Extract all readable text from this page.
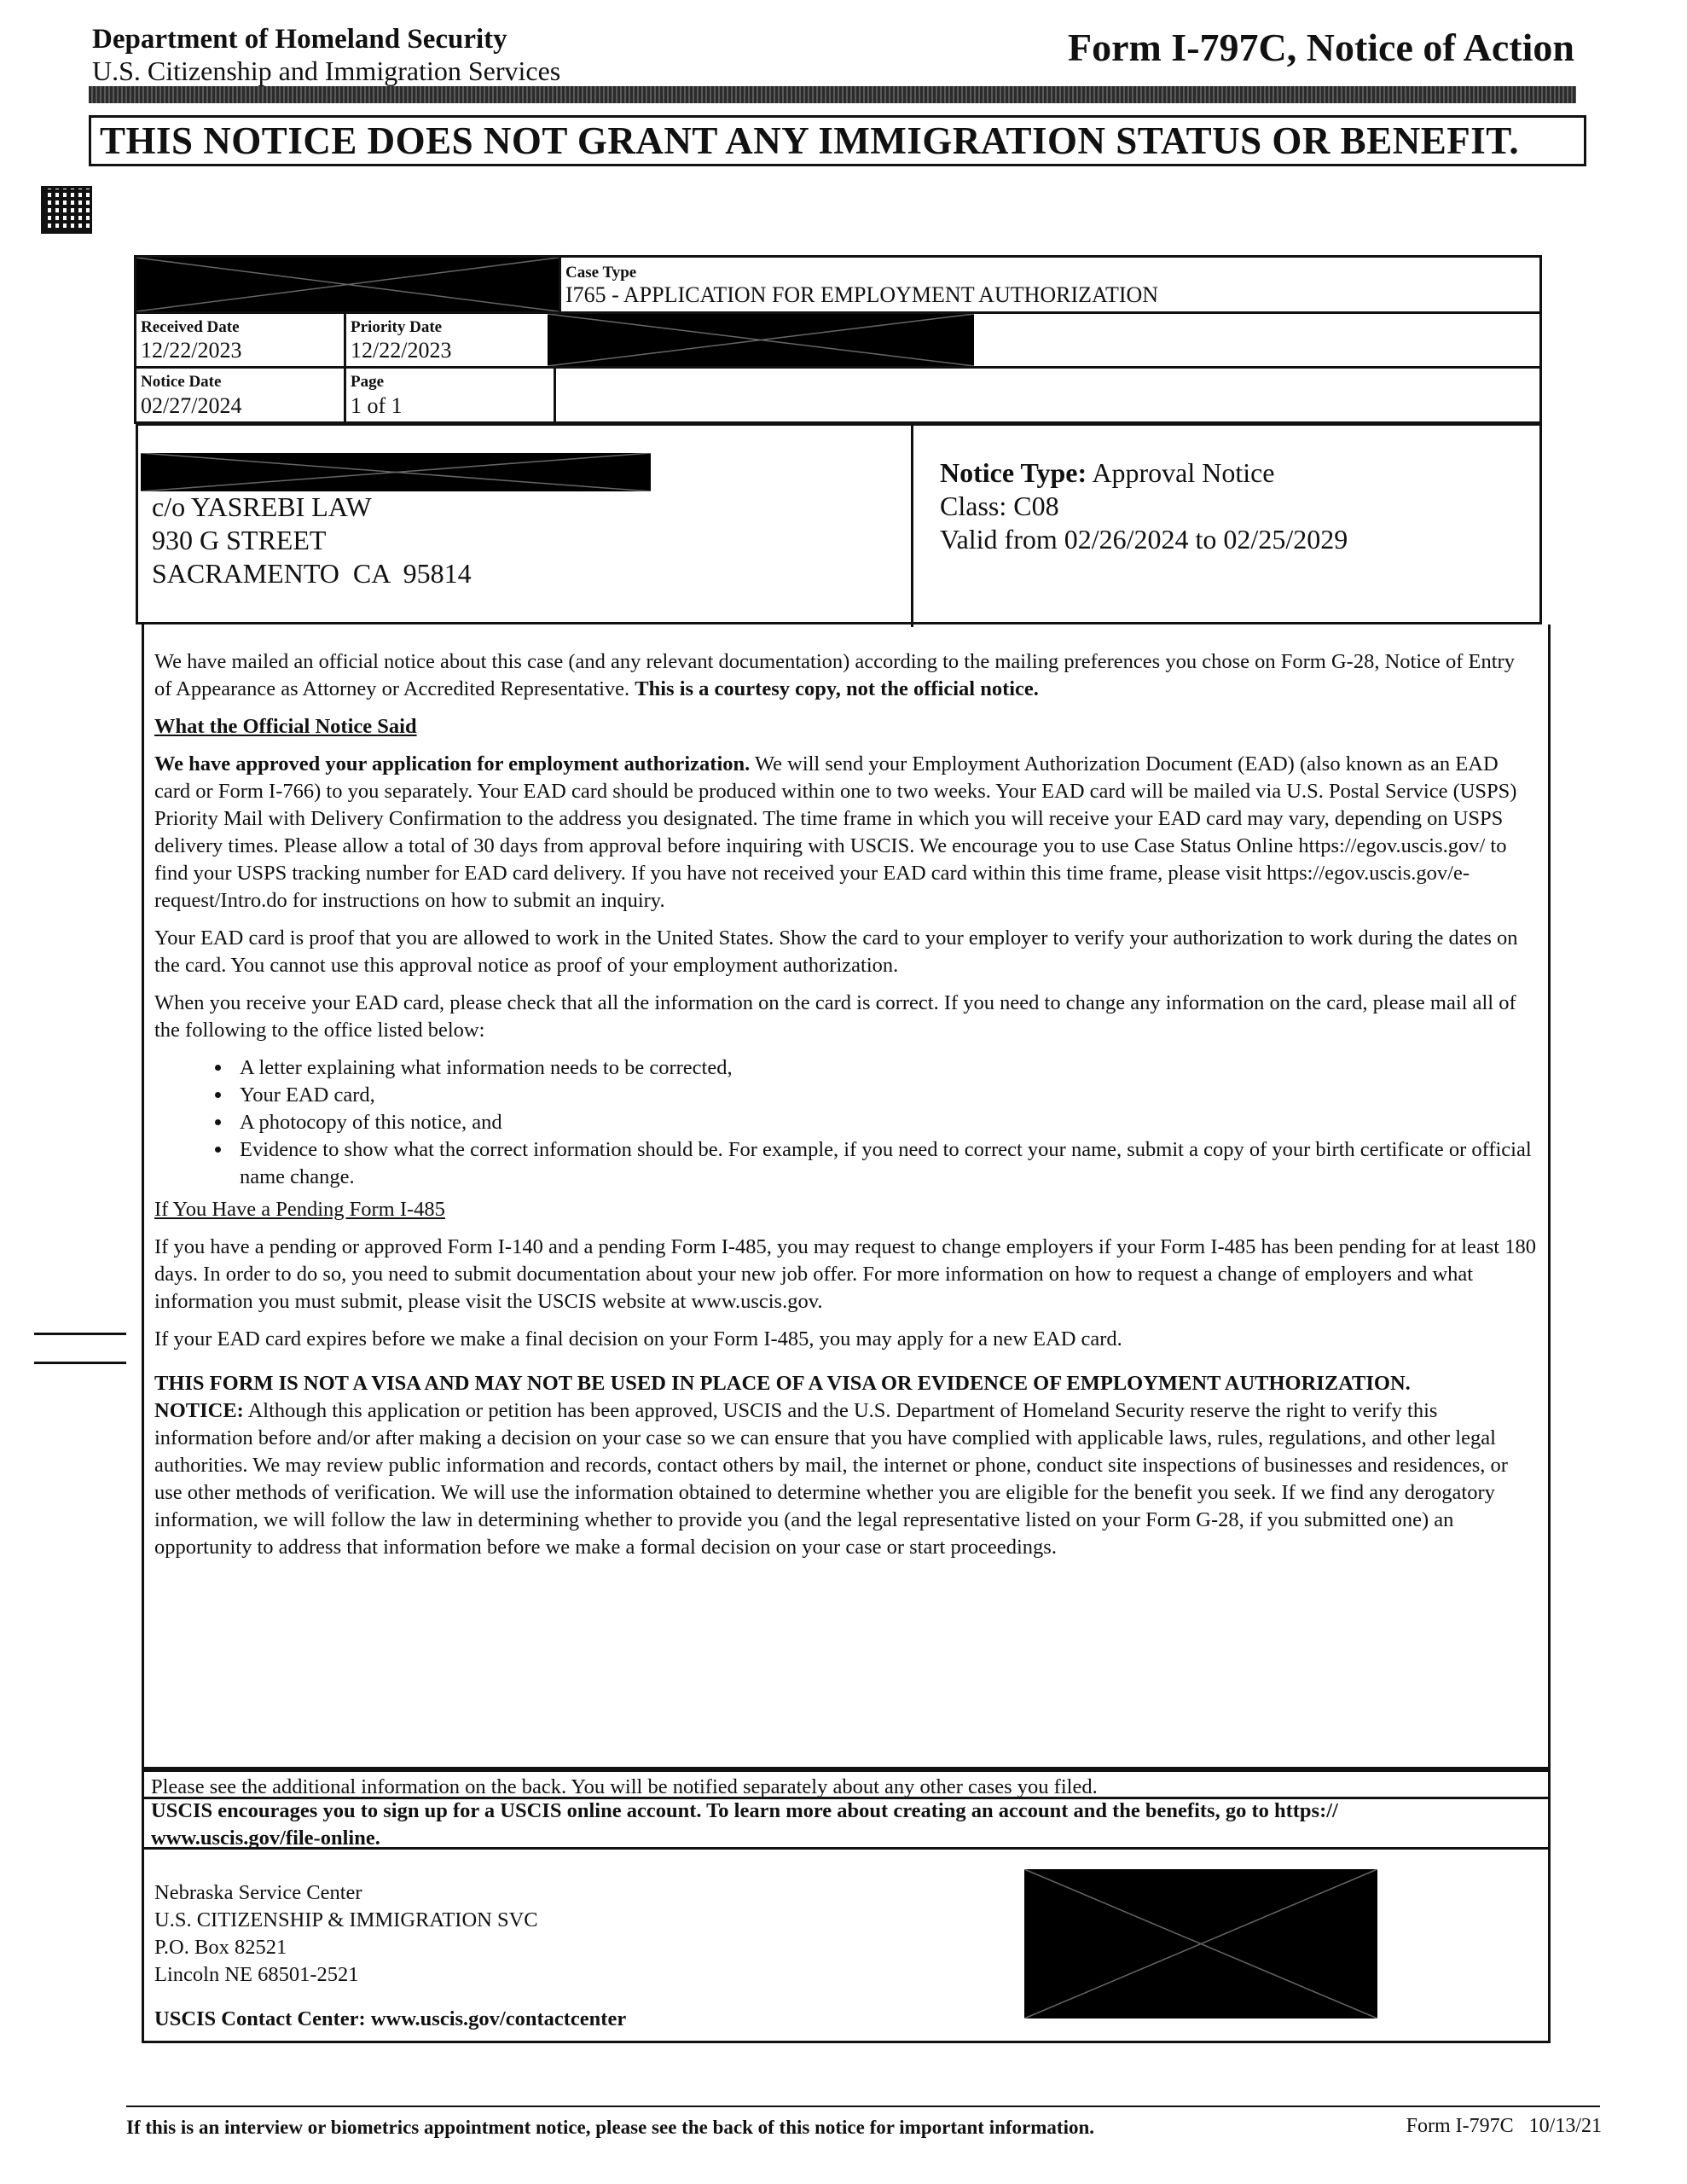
Department of Homeland Security
U.S. Citizenship and Immigration Services
Form I-797C, Notice of Action
THIS NOTICE DOES NOT GRANT ANY IMMIGRATION STATUS OR BENEFIT.
Case Type
I765 - APPLICATION FOR EMPLOYMENT AUTHORIZATION
Received Date
12/22/2023
Priority Date
12/22/2023
Notice Date
02/27/2024
Page
1 of 1
c/o YASREBI LAW
930 G STREET
SACRAMENTO  CA  95814
Notice Type: Approval Notice
Class: C08
Valid from 02/26/2024 to 02/25/2029

We have mailed an official notice about this case (and any relevant documentation) according to the mailing preferences you chose on Form G-28, Notice of Entry of Appearance as Attorney or Accredited Representative. This is a courtesy copy, not the official notice.

What the Official Notice Said

We have approved your application for employment authorization. We will send your Employment Authorization Document (EAD) (also known as an EAD card or Form I-766) to you separately. Your EAD card should be produced within one to two weeks. Your EAD card will be mailed via U.S. Postal Service (USPS) Priority Mail with Delivery Confirmation to the address you designated. The time frame in which you will receive your EAD card may vary, depending on USPS delivery times. Please allow a total of 30 days from approval before inquiring with USCIS. We encourage you to use Case Status Online https://egov.uscis.gov/ to find your USPS tracking number for EAD card delivery. If you have not received your EAD card within this time frame, please visit https://egov.uscis.gov/e-request/Intro.do for instructions on how to submit an inquiry.

Your EAD card is proof that you are allowed to work in the United States. Show the card to your employer to verify your authorization to work during the dates on the card. You cannot use this approval notice as proof of your employment authorization.

When you receive your EAD card, please check that all the information on the card is correct. If you need to change any information on the card, please mail all of the following to the office listed below:

• A letter explaining what information needs to be corrected,
• Your EAD card,
• A photocopy of this notice, and
• Evidence to show what the correct information should be. For example, if you need to correct your name, submit a copy of your birth certificate or official name change.

If You Have a Pending Form I-485

If you have a pending or approved Form I-140 and a pending Form I-485, you may request to change employers if your Form I-485 has been pending for at least 180 days. In order to do so, you need to submit documentation about your new job offer. For more information on how to request a change of employers and what information you must submit, please visit the USCIS website at www.uscis.gov.

If your EAD card expires before we make a final decision on your Form I-485, you may apply for a new EAD card.

THIS FORM IS NOT A VISA AND MAY NOT BE USED IN PLACE OF A VISA OR EVIDENCE OF EMPLOYMENT AUTHORIZATION.
NOTICE: Although this application or petition has been approved, USCIS and the U.S. Department of Homeland Security reserve the right to verify this information before and/or after making a decision on your case so we can ensure that you have complied with applicable laws, rules, regulations, and other legal authorities. We may review public information and records, contact others by mail, the internet or phone, conduct site inspections of businesses and residences, or use other methods of verification. We will use the information obtained to determine whether you are eligible for the benefit you seek. If we find any derogatory information, we will follow the law in determining whether to provide you (and the legal representative listed on your Form G-28, if you submitted one) an opportunity to address that information before we make a formal decision on your case or start proceedings.

Please see the additional information on the back. You will be notified separately about any other cases you filed.
USCIS encourages you to sign up for a USCIS online account. To learn more about creating an account and the benefits, go to https:// www.uscis.gov/file-online.
Nebraska Service Center
U.S. CITIZENSHIP & IMMIGRATION SVC
P.O. Box 82521
Lincoln NE 68501-2521
USCIS Contact Center: www.uscis.gov/contactcenter
If this is an interview or biometrics appointment notice, please see the back of this notice for important information.	Form I-797C   10/13/21
